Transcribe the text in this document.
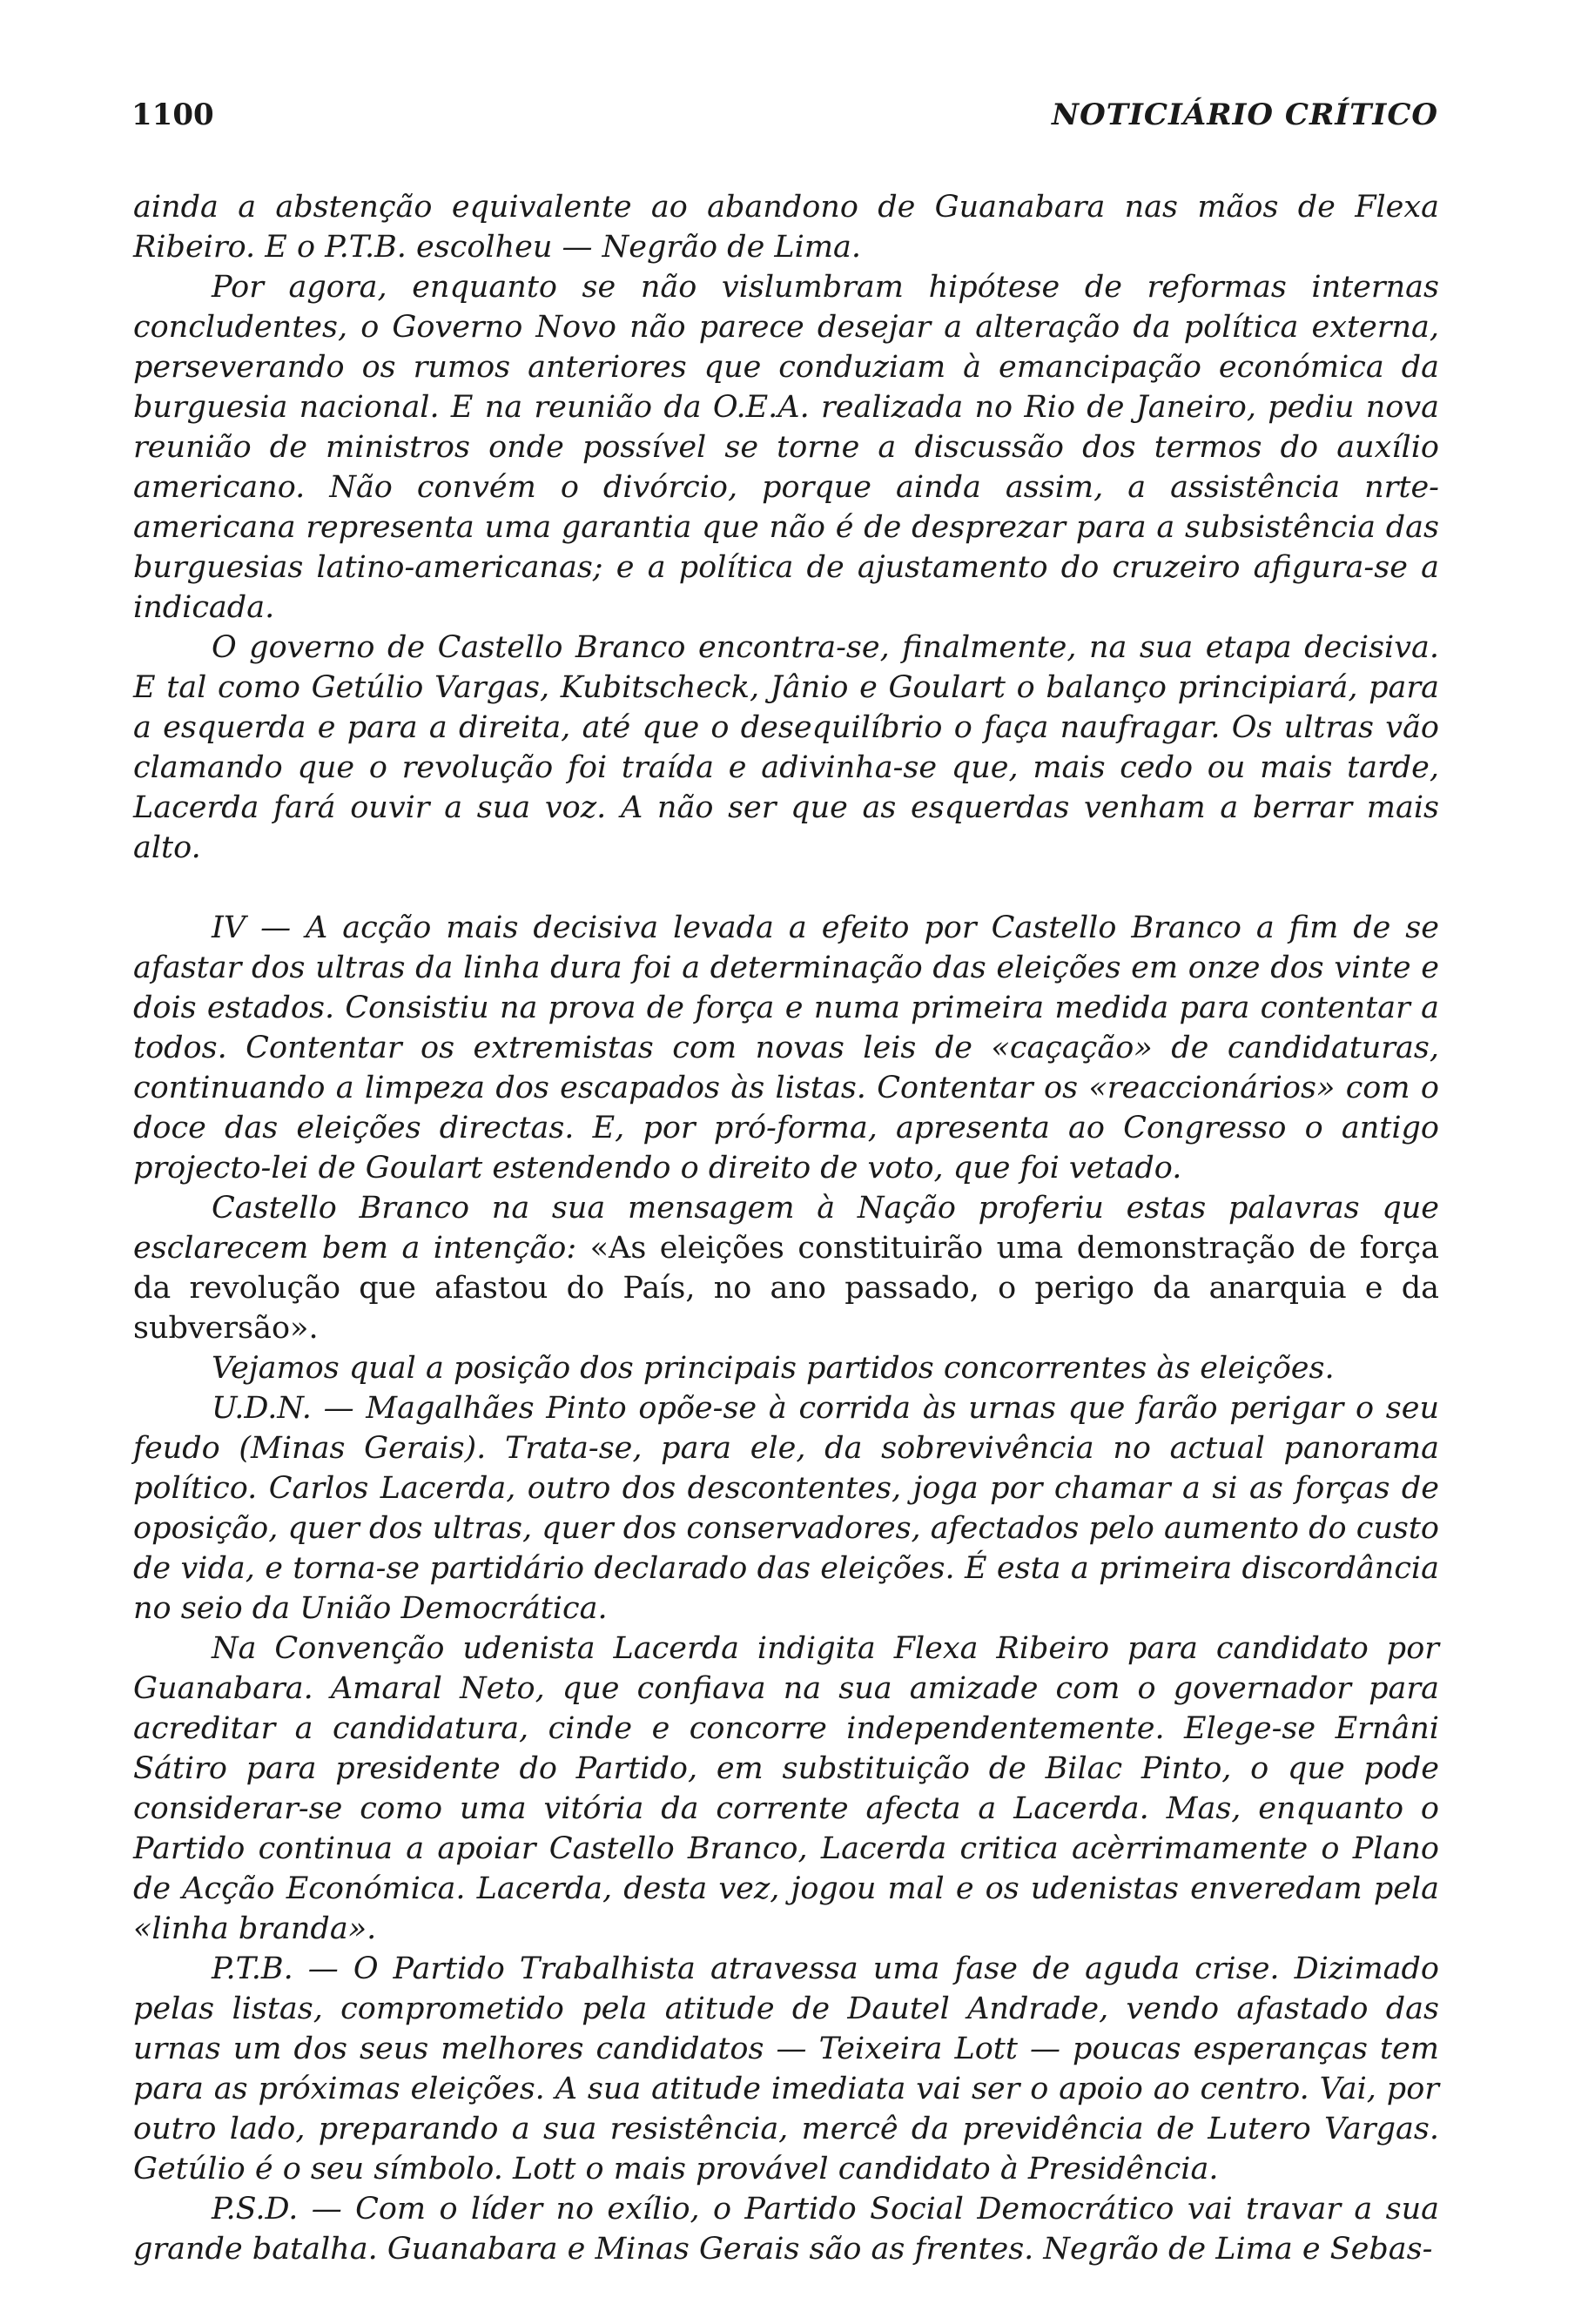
1100	NOTICIÁRIO CRÍTICO

ainda a abstenção equivalente ao abandono de Guanabara nas mãos de Flexa Ribeiro. E o P.T.B. escolheu — Negrão de Lima.

Por agora, enquanto se não vislumbram hipótese de reformas internas concludentes, o Governo Novo não parece desejar a alteração da política externa, perseverando os rumos anteriores que conduziam à emancipação económica da burguesia nacional. E na reunião da O.E.A. realizada no Rio de Janeiro, pediu nova reunião de ministros onde possível se torne a discussão dos termos do auxílio americano. Não convém o divórcio, porque ainda assim, a assistência nrte-americana representa uma garantia que não é de desprezar para a subsistência das burguesias latino-americanas; e a política de ajustamento do cruzeiro afigura-se a indicada.

O governo de Castello Branco encontra-se, finalmente, na sua etapa decisiva. E tal como Getúlio Vargas, Kubitscheck, Jânio e Goulart o balanço principiará, para a esquerda e para a direita, até que o desequilíbrio o faça naufragar. Os ultras vão clamando que o revolução foi traída e adivinha-se que, mais cedo ou mais tarde, Lacerda fará ouvir a sua voz. A não ser que as esquerdas venham a berrar mais alto.

IV — A acção mais decisiva levada a efeito por Castello Branco a fim de se afastar dos ultras da linha dura foi a determinação das eleições em onze dos vinte e dois estados. Consistiu na prova de força e numa primeira medida para contentar a todos. Contentar os extremistas com novas leis de «caçação» de candidaturas, continuando a limpeza dos escapados às listas. Contentar os «reaccionários» com o doce das eleições directas. E, por pró-forma, apresenta ao Congresso o antigo projecto-lei de Goulart estendendo o direito de voto, que foi vetado.

Castello Branco na sua mensagem à Nação proferiu estas palavras que esclarecem bem a intenção: «As eleições constituirão uma demonstração de força da revolução que afastou do País, no ano passado, o perigo da anarquia e da subversão».

Vejamos qual a posição dos principais partidos concorrentes às eleições.

U.D.N. — Magalhães Pinto opõe-se à corrida às urnas que farão perigar o seu feudo (Minas Gerais). Trata-se, para ele, da sobrevivência no actual panorama político. Carlos Lacerda, outro dos descontentes, joga por chamar a si as forças de oposição, quer dos ultras, quer dos conservadores, afectados pelo aumento do custo de vida, e torna-se partidário declarado das eleições. É esta a primeira discordância no seio da União Democrática.

Na Convenção udenista Lacerda indigita Flexa Ribeiro para candidato por Guanabara. Amaral Neto, que confiava na sua amizade com o governador para acreditar a candidatura, cinde e concorre independentemente. Elege-se Ernâni Sátiro para presidente do Partido, em substituição de Bilac Pinto, o que pode considerar-se como uma vitória da corrente afecta a Lacerda. Mas, enquanto o Partido continua a apoiar Castello Branco, Lacerda critica acèrrimamente o Plano de Acção Económica. Lacerda, desta vez, jogou mal e os udenistas enveredam pela «linha branda».

P.T.B. — O Partido Trabalhista atravessa uma fase de aguda crise. Dizimado pelas listas, comprometido pela atitude de Dautel Andrade, vendo afastado das urnas um dos seus melhores candidatos — Teixeira Lott — poucas esperanças tem para as próximas eleições. A sua atitude imediata vai ser o apoio ao centro. Vai, por outro lado, preparando a sua resistência, mercê da previdência de Lutero Vargas. Getúlio é o seu símbolo. Lott o mais provável candidato à Presidência.

P.S.D. — Com o líder no exílio, o Partido Social Democrático vai travar a sua grande batalha. Guanabara e Minas Gerais são as frentes. Negrão de Lima e Sebas-
